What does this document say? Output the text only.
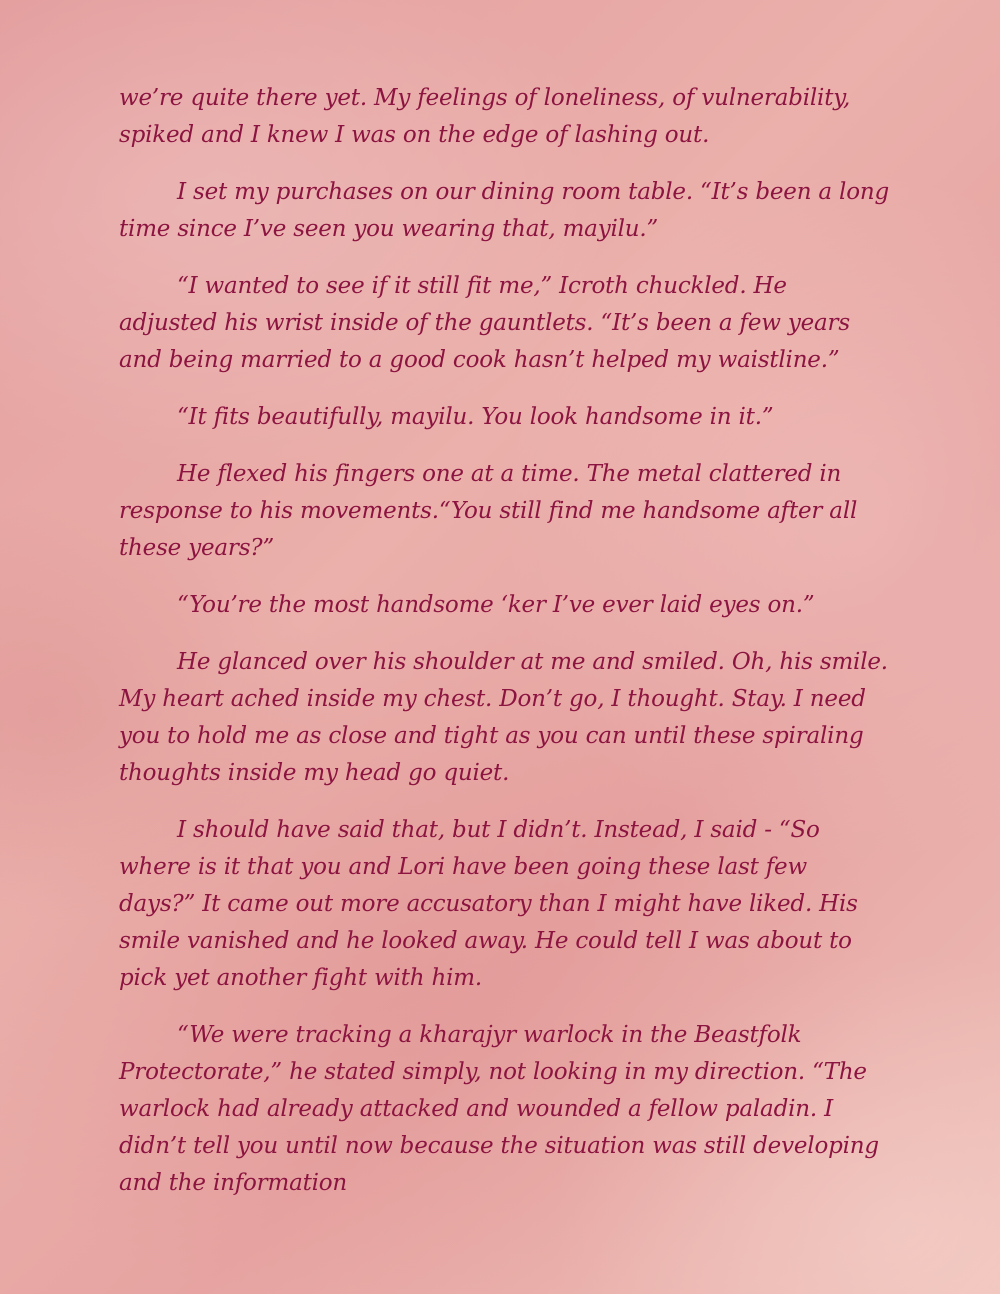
we’re quite there yet. My feelings of loneliness, of vulnerability, spiked and I knew I was on the edge of lashing out.

I set my purchases on our dining room table. “It’s been a long time since I’ve seen you wearing that, mayilu.”

“I wanted to see if it still fit me,” Icroth chuckled. He adjusted his wrist inside of the gauntlets. “It’s been a few years and being married to a good cook hasn’t helped my waistline.”

“It fits beautifully, mayilu. You look handsome in it.”

He flexed his fingers one at a time. The metal clattered in response to his movements.“You still find me handsome after all these years?”

“You’re the most handsome ‘ker I’ve ever laid eyes on.”

He glanced over his shoulder at me and smiled. Oh, his smile. My heart ached inside my chest. Don’t go, I thought. Stay. I need you to hold me as close and tight as you can until these spiraling thoughts inside my head go quiet.

I should have said that, but I didn’t. Instead, I said - “So where is it that you and Lori have been going these last few days?” It came out more accusatory than I might have liked. His smile vanished and he looked away. He could tell I was about to pick yet another fight with him.

“We were tracking a kharajyr warlock in the Beastfolk Protectorate,” he stated simply, not looking in my direction. “The warlock had already attacked and wounded a fellow paladin. I didn’t tell you until now because the situation was still developing and the information
